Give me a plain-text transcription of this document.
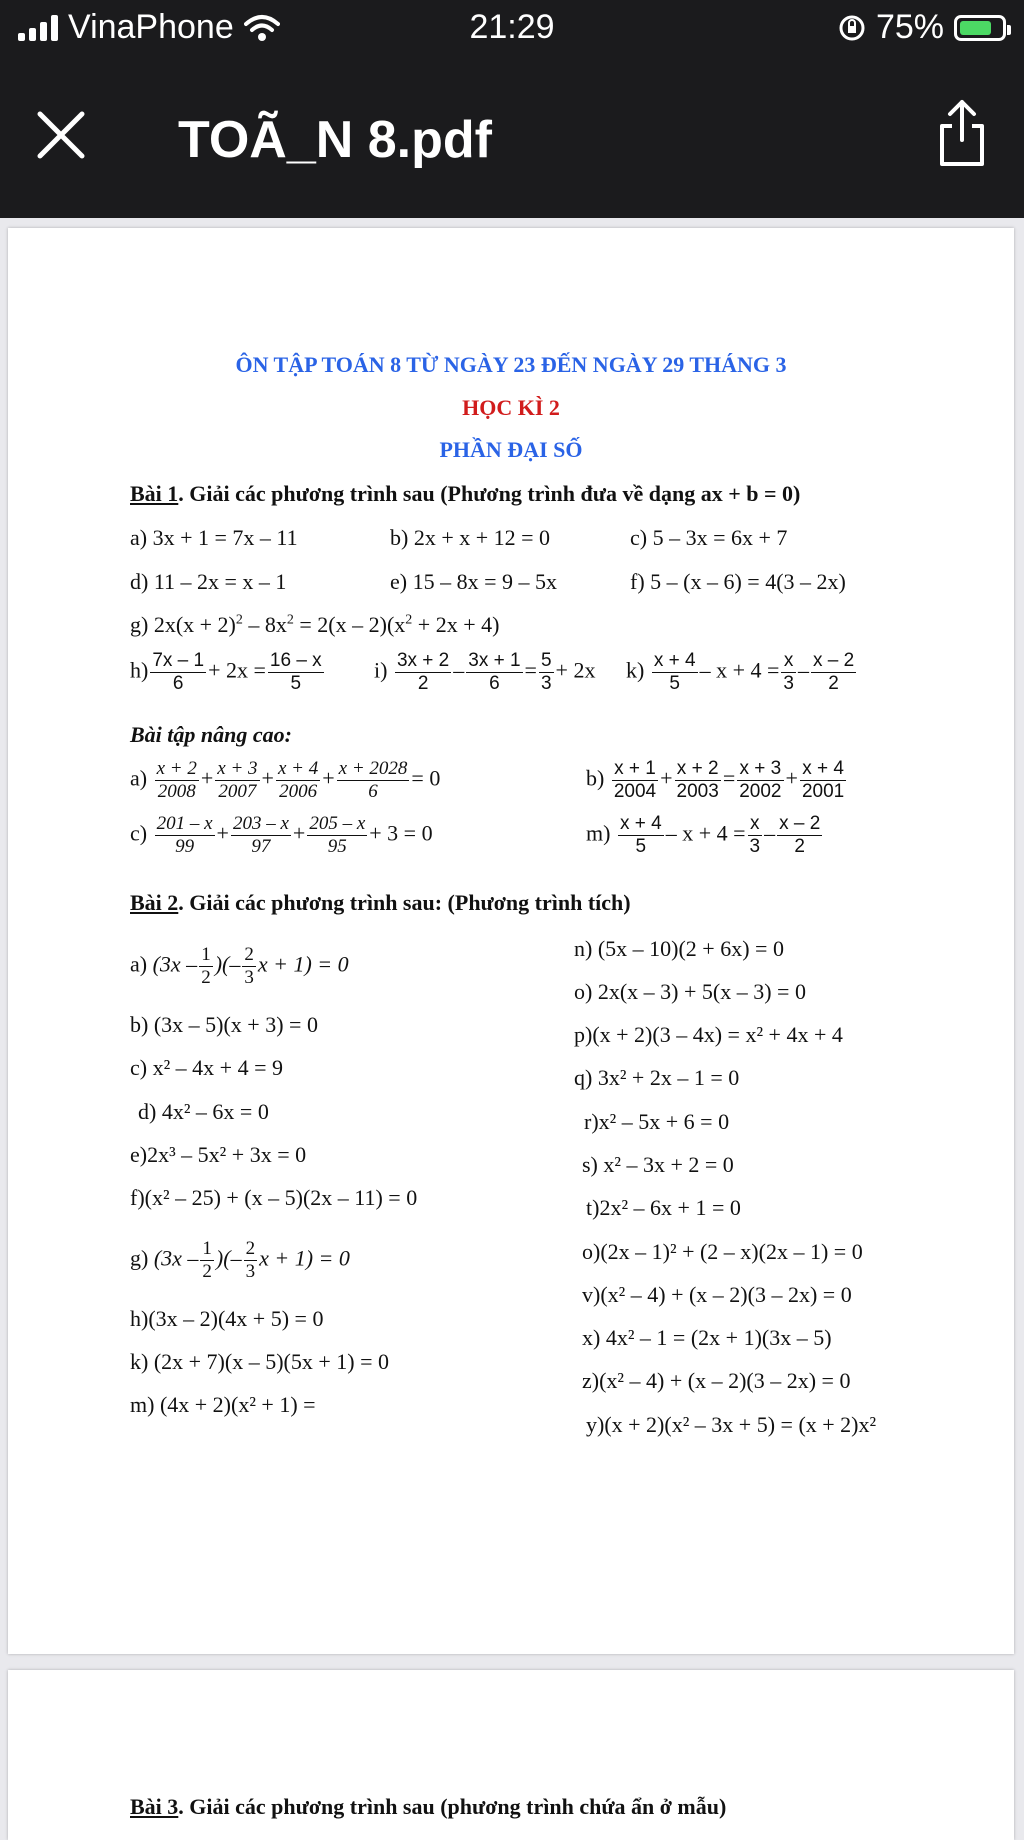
VinaPhone	21:29	75%
TOÃ_N 8.pdf
ÔN TẬP TOÁN 8 TỪ NGÀY 23 ĐẾN NGÀY 29 THÁNG 3
HỌC KÌ 2
PHẦN ĐẠI SỐ
Bài 1. Giải các phương trình sau (Phương trình đưa về dạng ax + b = 0)
a) 3x + 1 = 7x – 11	b) 2x + x + 12 = 0	c) 5 – 3x = 6x + 7
d) 11 – 2x = x – 1	e) 15 – 8x = 9 – 5x	f) 5 – (x – 6) = 4(3 – 2x)
g) $2x(x + 2)^2 - 8x^2 = 2(x - 2)(x^2 + 2x + 4)$
$h) \frac{7x - 1}{6} + 2x = \frac{16 - x}{5} i) \frac{3x + 2}{2} - \frac{3x + 1}{6} = \frac{5}{3} + 2x$ $k) \frac{x + 4}{5} - x + 4 = \frac{x}{3} - \frac{x - 2}{2}$
Bài tập nâng cao:
$a) \frac{x + 2}{2008} + \frac{x + 3}{2007} + \frac{x + 4}{2006} + \frac{x + 2028}{6} = 0$	$b) \frac{x + 1}{2004} + \frac{x + 2}{2003} = \frac{x + 3}{2002} + \frac{x + 4}{2001}$
$c) \frac{201 - x}{99} + \frac{203 - x}{97} + \frac{205 - x}{95} + 3 = 0$	$m) \frac{x + 4}{5} - x + 4 = \frac{x}{3} - \frac{x - 2}{2}$
Bài 2. Giải các phương trình sau: (Phương trình tích)
a) ($3x - \frac{1}{2}$ )(– $\frac{2}{3}$ x + 1) = 0
b) (3x – 5)(x + 3) = 0
c) x² – 4x + 4 = 9
d) 4x² – 6x = 0
e)2x³ – 5x² + 3x = 0
f)(x² – 25) + (x – 5)(2x – 11) = 0
g) ($3x - \frac{1}{2}$ )(– $\frac{2}{3}$ x + 1) = 0
h)(3x – 2)(4x + 5) = 0
k) (2x + 7)(x – 5)(5x + 1) = 0
m) (4x + 2)(x² + 1) =
n) (5x – 10)(2 + 6x) = 0
o) 2x(x – 3) + 5(x – 3) = 0
p)(x + 2)(3 – 4x) = x² + 4x + 4
q) 3x² + 2x – 1 = 0
r)x² – 5x + 6 = 0
s) x² – 3x + 2 = 0
t)2x² – 6x + 1 = 0
o)(2x – 1)² + (2 – x)(2x – 1) = 0
v)(x² – 4) + (x – 2)(3 – 2x) = 0
x) 4x² – 1 = (2x + 1)(3x – 5)
z)(x² – 4) + (x – 2)(3 – 2x) = 0
y)(x + 2)(x² – 3x + 5) = (x + 2)x²
Bài 3. Giải các phương trình sau (phương trình chứa ẩn ở mẫu)
